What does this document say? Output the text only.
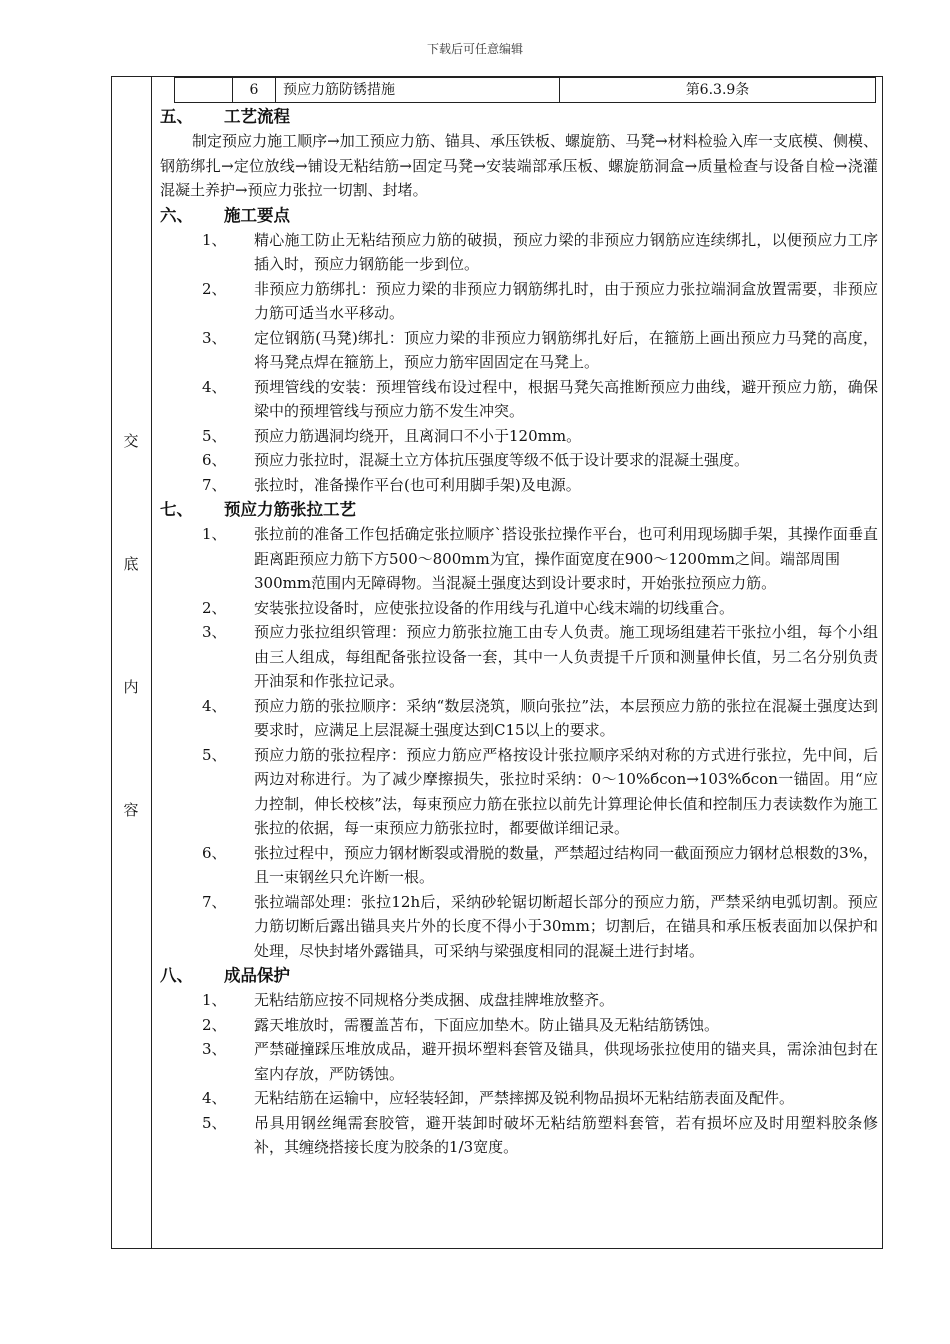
下载后可任意编辑
交
底
内
容
6	预应力筋防锈措施	第6.3.9条
五、	工艺流程
制定预应力施工顺序→加工预应力筋、锚具、承压铁板、螺旋筋、马凳→材料检验入库一支底模、侧模、钢筋绑扎→定位放线→铺设无粘结筋→固定马凳→安装端部承压板、螺旋筋洞盒→质量检查与设备自检→浇灌混凝土养护→预应力张拉一切割、封堵。
六、	施工要点
1、	精心施工防止无粘结预应力筋的破损，预应力梁的非预应力钢筋应连续绑扎，以便预应力工序插入时，预应力钢筋能一步到位。
2、	非预应力筋绑扎：预应力梁的非预应力钢筋绑扎时，由于预应力张拉端洞盒放置需要，非预应力筋可适当水平移动。
3、	定位钢筋(马凳)绑扎：顶应力梁的非预应力钢筋绑扎好后，在箍筋上画出预应力马凳的高度，将马凳点焊在箍筋上，预应力筋牢固固定在马凳上。
4、	预埋管线的安装：预埋管线布设过程中，根据马凳矢高推断预应力曲线，避开预应力筋，确保梁中的预埋管线与预应力筋不发生冲突。
5、	预应力筋遇洞均绕开，且离洞口不小于120mm。
6、	预应力张拉时，混凝土立方体抗压强度等级不低于设计要求的混凝土强度。
7、	张拉时，准备操作平台(也可利用脚手架)及电源。
七、	预应力筋张拉工艺
1、	张拉前的准备工作包括确定张拉顺序`搭设张拉操作平台，也可利用现场脚手架，其操作面垂直距离距预应力筋下方500～800mm为宜，操作面宽度在900～1200mm之间。端部周围
300mm范围内无障碍物。当混凝土强度达到设计要求时，开始张拉预应力筋。
2、	安装张拉设备时，应使张拉设备的作用线与孔道中心线末端的切线重合。
3、	预应力张拉组织管理：预应力筋张拉施工由专人负责。施工现场组建若干张拉小组，每个小组由三人组成，每组配备张拉设备一套，其中一人负责提千斤顶和测量伸长值，另二名分别负责开油泵和作张拉记录。
4、	预应力筋的张拉顺序：采纳“数层浇筑，顺向张拉”法，本层预应力筋的张拉在混凝土强度达到要求时，应满足上层混凝土强度达到C15以上的要求。
5、	预应力筋的张拉程序：预应力筋应严格按设计张拉顺序采纳对称的方式进行张拉，先中间，后两边对称进行。为了减少摩擦损失，张拉时采纳：0～10%бcon→103%бcon一锚固。用“应力控制，伸长校核”法，每束预应力筋在张拉以前先计算理论伸长值和控制压力表读数作为施工张拉的依据，每一束预应力筋张拉时，都要做详细记录。
6、	张拉过程中，预应力钢材断裂或滑脱的数量，严禁超过结构同一截面预应力钢材总根数的3%，且一束钢丝只允许断一根。
7、	张拉端部处理：张拉12h后，采纳砂轮锯切断超长部分的预应力筋，严禁采纳电弧切割。预应力筋切断后露出锚具夹片外的长度不得小于30mm；切割后，在锚具和承压板表面加以保护和处理，尽快封堵外露锚具，可采纳与梁强度相同的混凝土进行封堵。
八、	成品保护
1、	无粘结筋应按不同规格分类成捆、成盘挂牌堆放整齐。
2、	露天堆放时，需覆盖苫布，下面应加垫木。防止锚具及无粘结筋锈蚀。
3、	严禁碰撞踩压堆放成品，避开损坏塑料套管及锚具，供现场张拉使用的锚夹具，需涂油包封在室内存放，严防锈蚀。
4、	无粘结筋在运输中，应轻装轻卸，严禁摔掷及锐利物品损坏无粘结筋表面及配件。
5、	吊具用钢丝绳需套胶管，避开装卸时破坏无粘结筋塑料套管，若有损坏应及时用塑料胶条修补，其缠绕搭接长度为胶条的1/3宽度。
